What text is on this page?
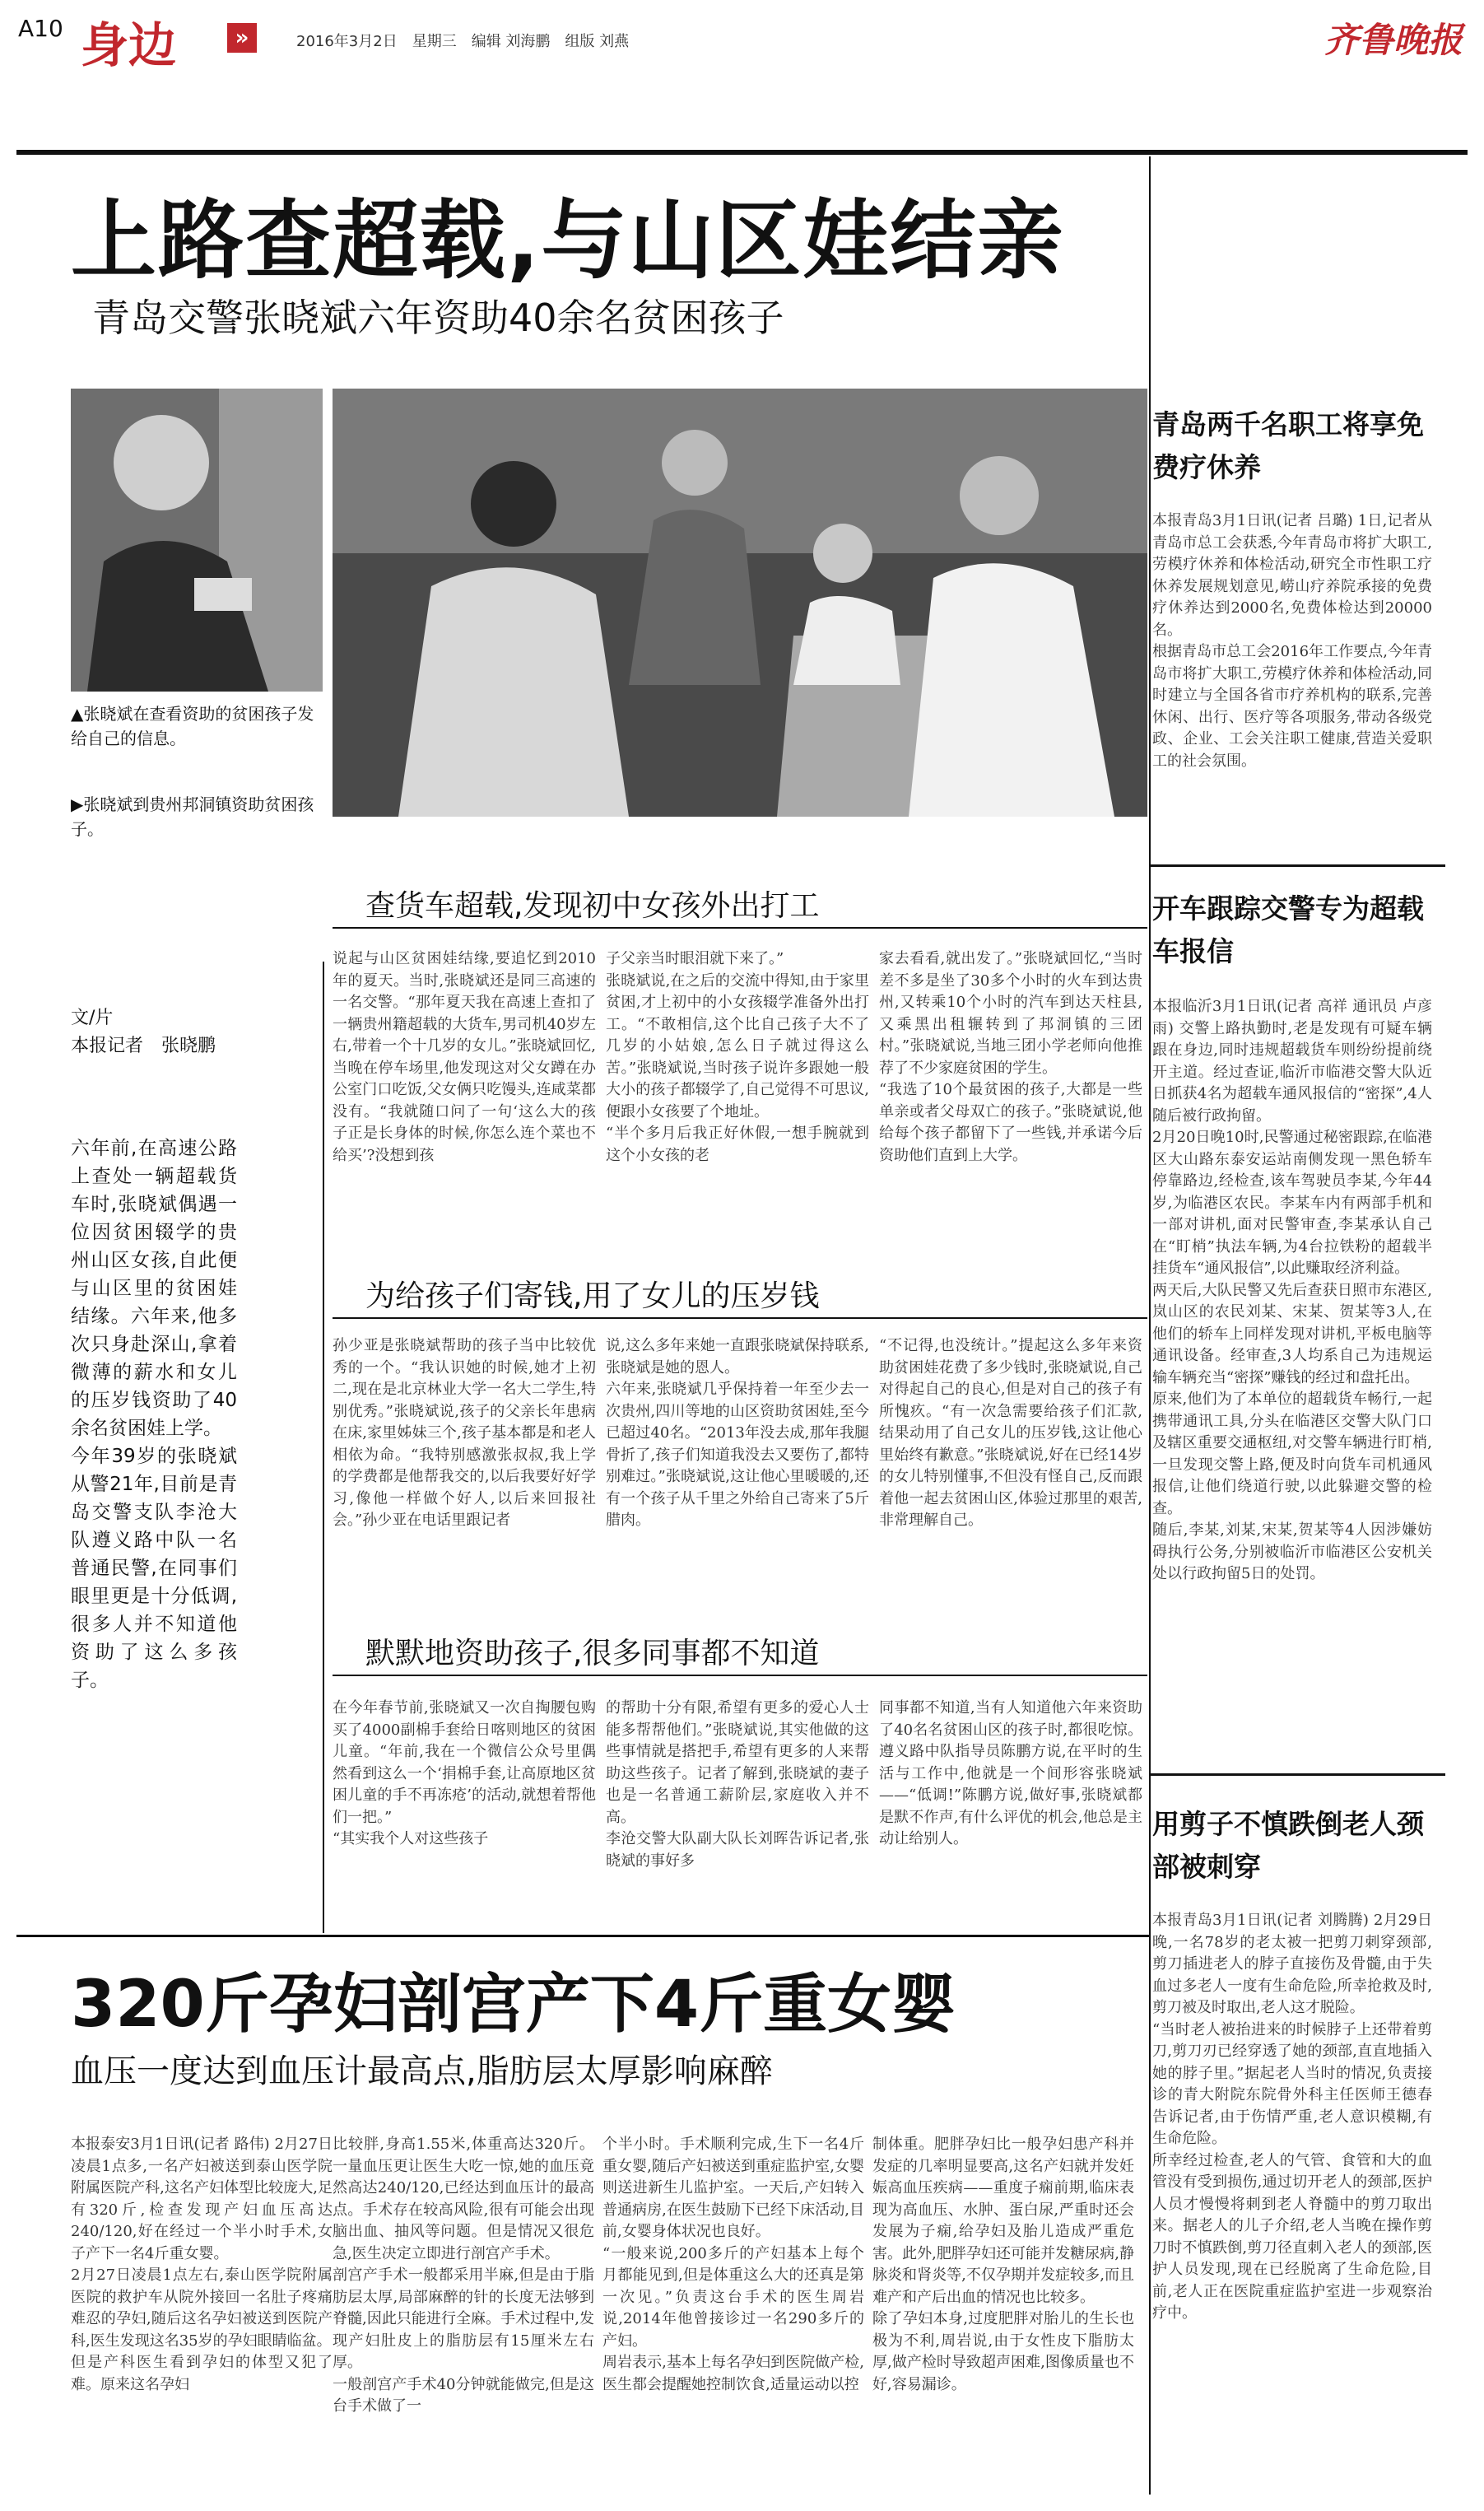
A10 身边	»	2016年3月2日　星期三　编辑 刘海鹏　组版 刘燕	齐鲁晚报
上路查超载,与山区娃结亲
青岛交警张晓斌六年资助40余名贫困孩子
▲张晓斌在查看资助的贫困孩子发给自己的信息。
▶张晓斌到贵州邦洞镇资助贫困孩子。
文/片
本报记者　张晓鹏
六年前,在高速公路上查处一辆超载货车时,张晓斌偶遇一位因贫困辍学的贵州山区女孩,自此便与山区里的贫困娃结缘。六年来,他多次只身赴深山,拿着微薄的薪水和女儿的压岁钱资助了40余名贫困娃上学。
今年39岁的张晓斌从警21年,目前是青岛交警支队李沧大队遵义路中队一名普通民警,在同事们眼里更是十分低调,很多人并不知道他资助了这么多孩子。
查货车超载,发现初中女孩外出打工
说起与山区贫困娃结缘,要追忆到2010年的夏天。当时,张晓斌还是同三高速的一名交警。“那年夏天我在高速上查扣了一辆贵州籍超载的大货车,男司机40岁左右,带着一个十几岁的女儿。”张晓斌回忆,当晚在停车场里,他发现这对父女蹲在办公室门口吃饭,父女俩只吃馒头,连咸菜都没有。“我就随口问了一句‘这么大的孩子正是长身体的时候,你怎么连个菜也不给买’?没想到孩
子父亲当时眼泪就下来了。”
张晓斌说,在之后的交流中得知,由于家里贫困,才上初中的小女孩辍学准备外出打工。“不敢相信,这个比自己孩子大不了几岁的小姑娘,怎么日子就过得这么苦。”张晓斌说,当时孩子说许多跟她一般大小的孩子都辍学了,自己觉得不可思议,便跟小女孩要了个地址。
“半个多月后我正好休假,一想手腕就到这个小女孩的老
家去看看,就出发了。”张晓斌回忆,“当时差不多是坐了30多个小时的火车到达贵州,又转乘10个小时的汽车到达天柱县,又乘黑出租辗转到了邦洞镇的三团村。”张晓斌说,当地三团小学老师向他推荐了不少家庭贫困的学生。
“我选了10个最贫困的孩子,大都是一些单亲或者父母双亡的孩子。”张晓斌说,他给每个孩子都留下了一些钱,并承诺今后资助他们直到上大学。
为给孩子们寄钱,用了女儿的压岁钱
孙少亚是张晓斌帮助的孩子当中比较优秀的一个。“我认识她的时候,她才上初二,现在是北京林业大学一名大二学生,特别优秀。”张晓斌说,孩子的父亲长年患病在床,家里姊妹三个,孩子基本都是和老人相依为命。“我特别感激张叔叔,我上学的学费都是他帮我交的,以后我要好好学习,像他一样做个好人,以后来回报社会。”孙少亚在电话里跟记者
说,这么多年来她一直跟张晓斌保持联系,张晓斌是她的恩人。
六年来,张晓斌几乎保持着一年至少去一次贵州,四川等地的山区资助贫困娃,至今已超过40名。“2013年没去成,那年我腿骨折了,孩子们知道我没去又要伤了,都特别难过。”张晓斌说,这让他心里暖暖的,还有一个孩子从千里之外给自己寄来了5斤腊肉。
“不记得,也没统计。”提起这么多年来资助贫困娃花费了多少钱时,张晓斌说,自己对得起自己的良心,但是对自己的孩子有所愧疚。“有一次急需要给孩子们汇款,结果动用了自己女儿的压岁钱,这让他心里始终有歉意。”张晓斌说,好在已经14岁的女儿特别懂事,不但没有怪自己,反而跟着他一起去贫困山区,体验过那里的艰苦,非常理解自己。
默默地资助孩子,很多同事都不知道
在今年春节前,张晓斌又一次自掏腰包购买了4000副棉手套给日喀则地区的贫困儿童。“年前,我在一个微信公众号里偶然看到这么一个‘捐棉手套,让高原地区贫困儿童的手不再冻疮’的活动,就想着帮他们一把。”
“其实我个人对这些孩子
的帮助十分有限,希望有更多的爱心人士能多帮帮他们。”张晓斌说,其实他做的这些事情就是搭把手,希望有更多的人来帮助这些孩子。记者了解到,张晓斌的妻子也是一名普通工薪阶层,家庭收入并不高。
李沧交警大队副大队长刘晖告诉记者,张晓斌的事好多
同事都不知道,当有人知道他六年来资助了40名名贫困山区的孩子时,都很吃惊。遵义路中队指导员陈鹏方说,在平时的生活与工作中,他就是一个间形容张晓斌——“低调!”陈鹏方说,做好事,张晓斌都是默不作声,有什么评优的机会,他总是主动让给别人。
320斤孕妇剖宫产下4斤重女婴
血压一度达到血压计最高点,脂肪层太厚影响麻醉
本报泰安3月1日讯(记者 路伟) 2月27日凌晨1点多,一名产妇被送到泰山医学院附属医院产科,这名产妇体型比较庞大,足有320斤,检查发现产妇血压高达240/120,好在经过一个半小时手术,女子产下一名4斤重女婴。
2月27日凌晨1点左右,泰山医学院附属医院的救护车从院外接回一名肚子疼痛难忍的孕妇,随后这名孕妇被送到医院产科,医生发现这名35岁的孕妇眼睛临盆。
但是产科医生看到孕妇的体型又犯了难。原来这名孕妇
比较胖,身高1.55米,体重高达320斤。一量血压更让医生大吃一惊,她的血压竟然高达240/120,已经达到血压计的最高点。手术存在较高风险,很有可能会出现脑出血、抽风等问题。但是情况又很危急,医生决定立即进行剖宫产手术。
剖宫产手术一般都采用半麻,但是由于脂肪层太厚,局部麻醉的针的长度无法够到脊髓,因此只能进行全麻。手术过程中,发现产妇肚皮上的脂肪层有15厘米左右厚。
一般剖宫产手术40分钟就能做完,但是这台手术做了一
个半小时。手术顺利完成,生下一名4斤重女婴,随后产妇被送到重症监护室,女婴则送进新生儿监护室。一天后,产妇转入普通病房,在医生鼓励下已经下床活动,目前,女婴身体状况也良好。
“一般来说,200多斤的产妇基本上每个月都能见到,但是体重这么大的还真是第一次见。”负责这台手术的医生周岩说,2014年他曾接诊过一名290多斤的产妇。
周岩表示,基本上每名孕妇到医院做产检,医生都会提醒她控制饮食,适量运动以控
制体重。肥胖孕妇比一般孕妇患产科并发症的几率明显要高,这名产妇就并发妊娠高血压疾病——重度子痫前期,临床表现为高血压、水肿、蛋白尿,严重时还会发展为子痫,给孕妇及胎儿造成严重危害。此外,肥胖孕妇还可能并发糖尿病,静脉炎和肾炎等,不仅孕期并发症较多,而且难产和产后出血的情况也比较多。
除了孕妇本身,过度肥胖对胎儿的生长也极为不利,周岩说,由于女性皮下脂肪太厚,做产检时导致超声困难,图像质量也不好,容易漏诊。
青岛两千名职工将享免费疗休养
本报青岛3月1日讯(记者 吕璐) 1日,记者从青岛市总工会获悉,今年青岛市将扩大职工,劳模疗休养和体检活动,研究全市性职工疗休养发展规划意见,崂山疗养院承接的免费疗休养达到2000名,免费体检达到20000名。
根据青岛市总工会2016年工作要点,今年青岛市将扩大职工,劳模疗休养和体检活动,同时建立与全国各省市疗养机构的联系,完善休闲、出行、医疗等各项服务,带动各级党政、企业、工会关注职工健康,营造关爱职工的社会氛围。
开车跟踪交警专为超载车报信
本报临沂3月1日讯(记者 高祥 通讯员 卢彦雨) 交警上路执勤时,老是发现有可疑车辆跟在身边,同时违规超载货车则纷纷提前绕开主道。经过查证,临沂市临港交警大队近日抓获4名为超载车通风报信的“密探”,4人随后被行政拘留。
2月20日晚10时,民警通过秘密跟踪,在临港区大山路东泰安运站南侧发现一黑色轿车停靠路边,经检查,该车驾驶员李某,今年44岁,为临港区农民。李某车内有两部手机和一部对讲机,面对民警审查,李某承认自己在“盯梢”执法车辆,为4台拉铁粉的超载半挂货车“通风报信”,以此赚取经济利益。
两天后,大队民警又先后查获日照市东港区,岚山区的农民刘某、宋某、贺某等3人,在他们的轿车上同样发现对讲机,平板电脑等通讯设备。经审查,3人均系自己为违规运输车辆充当“密探”赚钱的经过和盘托出。
原来,他们为了本单位的超载货车畅行,一起携带通讯工具,分头在临港区交警大队门口及辖区重要交通枢纽,对交警车辆进行盯梢,一旦发现交警上路,便及时向货车司机通风报信,让他们绕道行驶,以此躲避交警的检查。
随后,李某,刘某,宋某,贺某等4人因涉嫌妨碍执行公务,分别被临沂市临港区公安机关处以行政拘留5日的处罚。
用剪子不慎跌倒老人颈部被刺穿
本报青岛3月1日讯(记者 刘腾腾) 2月29日晚,一名78岁的老太被一把剪刀刺穿颈部,剪刀插进老人的脖子直接伤及骨髓,由于失血过多老人一度有生命危险,所幸抢救及时,剪刀被及时取出,老人这才脱险。
“当时老人被抬进来的时候脖子上还带着剪刀,剪刀刃已经穿透了她的颈部,直直地插入她的脖子里。”据起老人当时的情况,负责接诊的青大附院东院骨外科主任医师王德春告诉记者,由于伤情严重,老人意识模糊,有生命危险。
所幸经过检查,老人的气管、食管和大的血管没有受到损伤,通过切开老人的颈部,医护人员才慢慢将刺到老人脊髓中的剪刀取出来。据老人的儿子介绍,老人当晚在操作剪刀时不慎跌倒,剪刀径直刺入老人的颈部,医护人员发现,现在已经脱离了生命危险,目前,老人正在医院重症监护室进一步观察治疗中。
